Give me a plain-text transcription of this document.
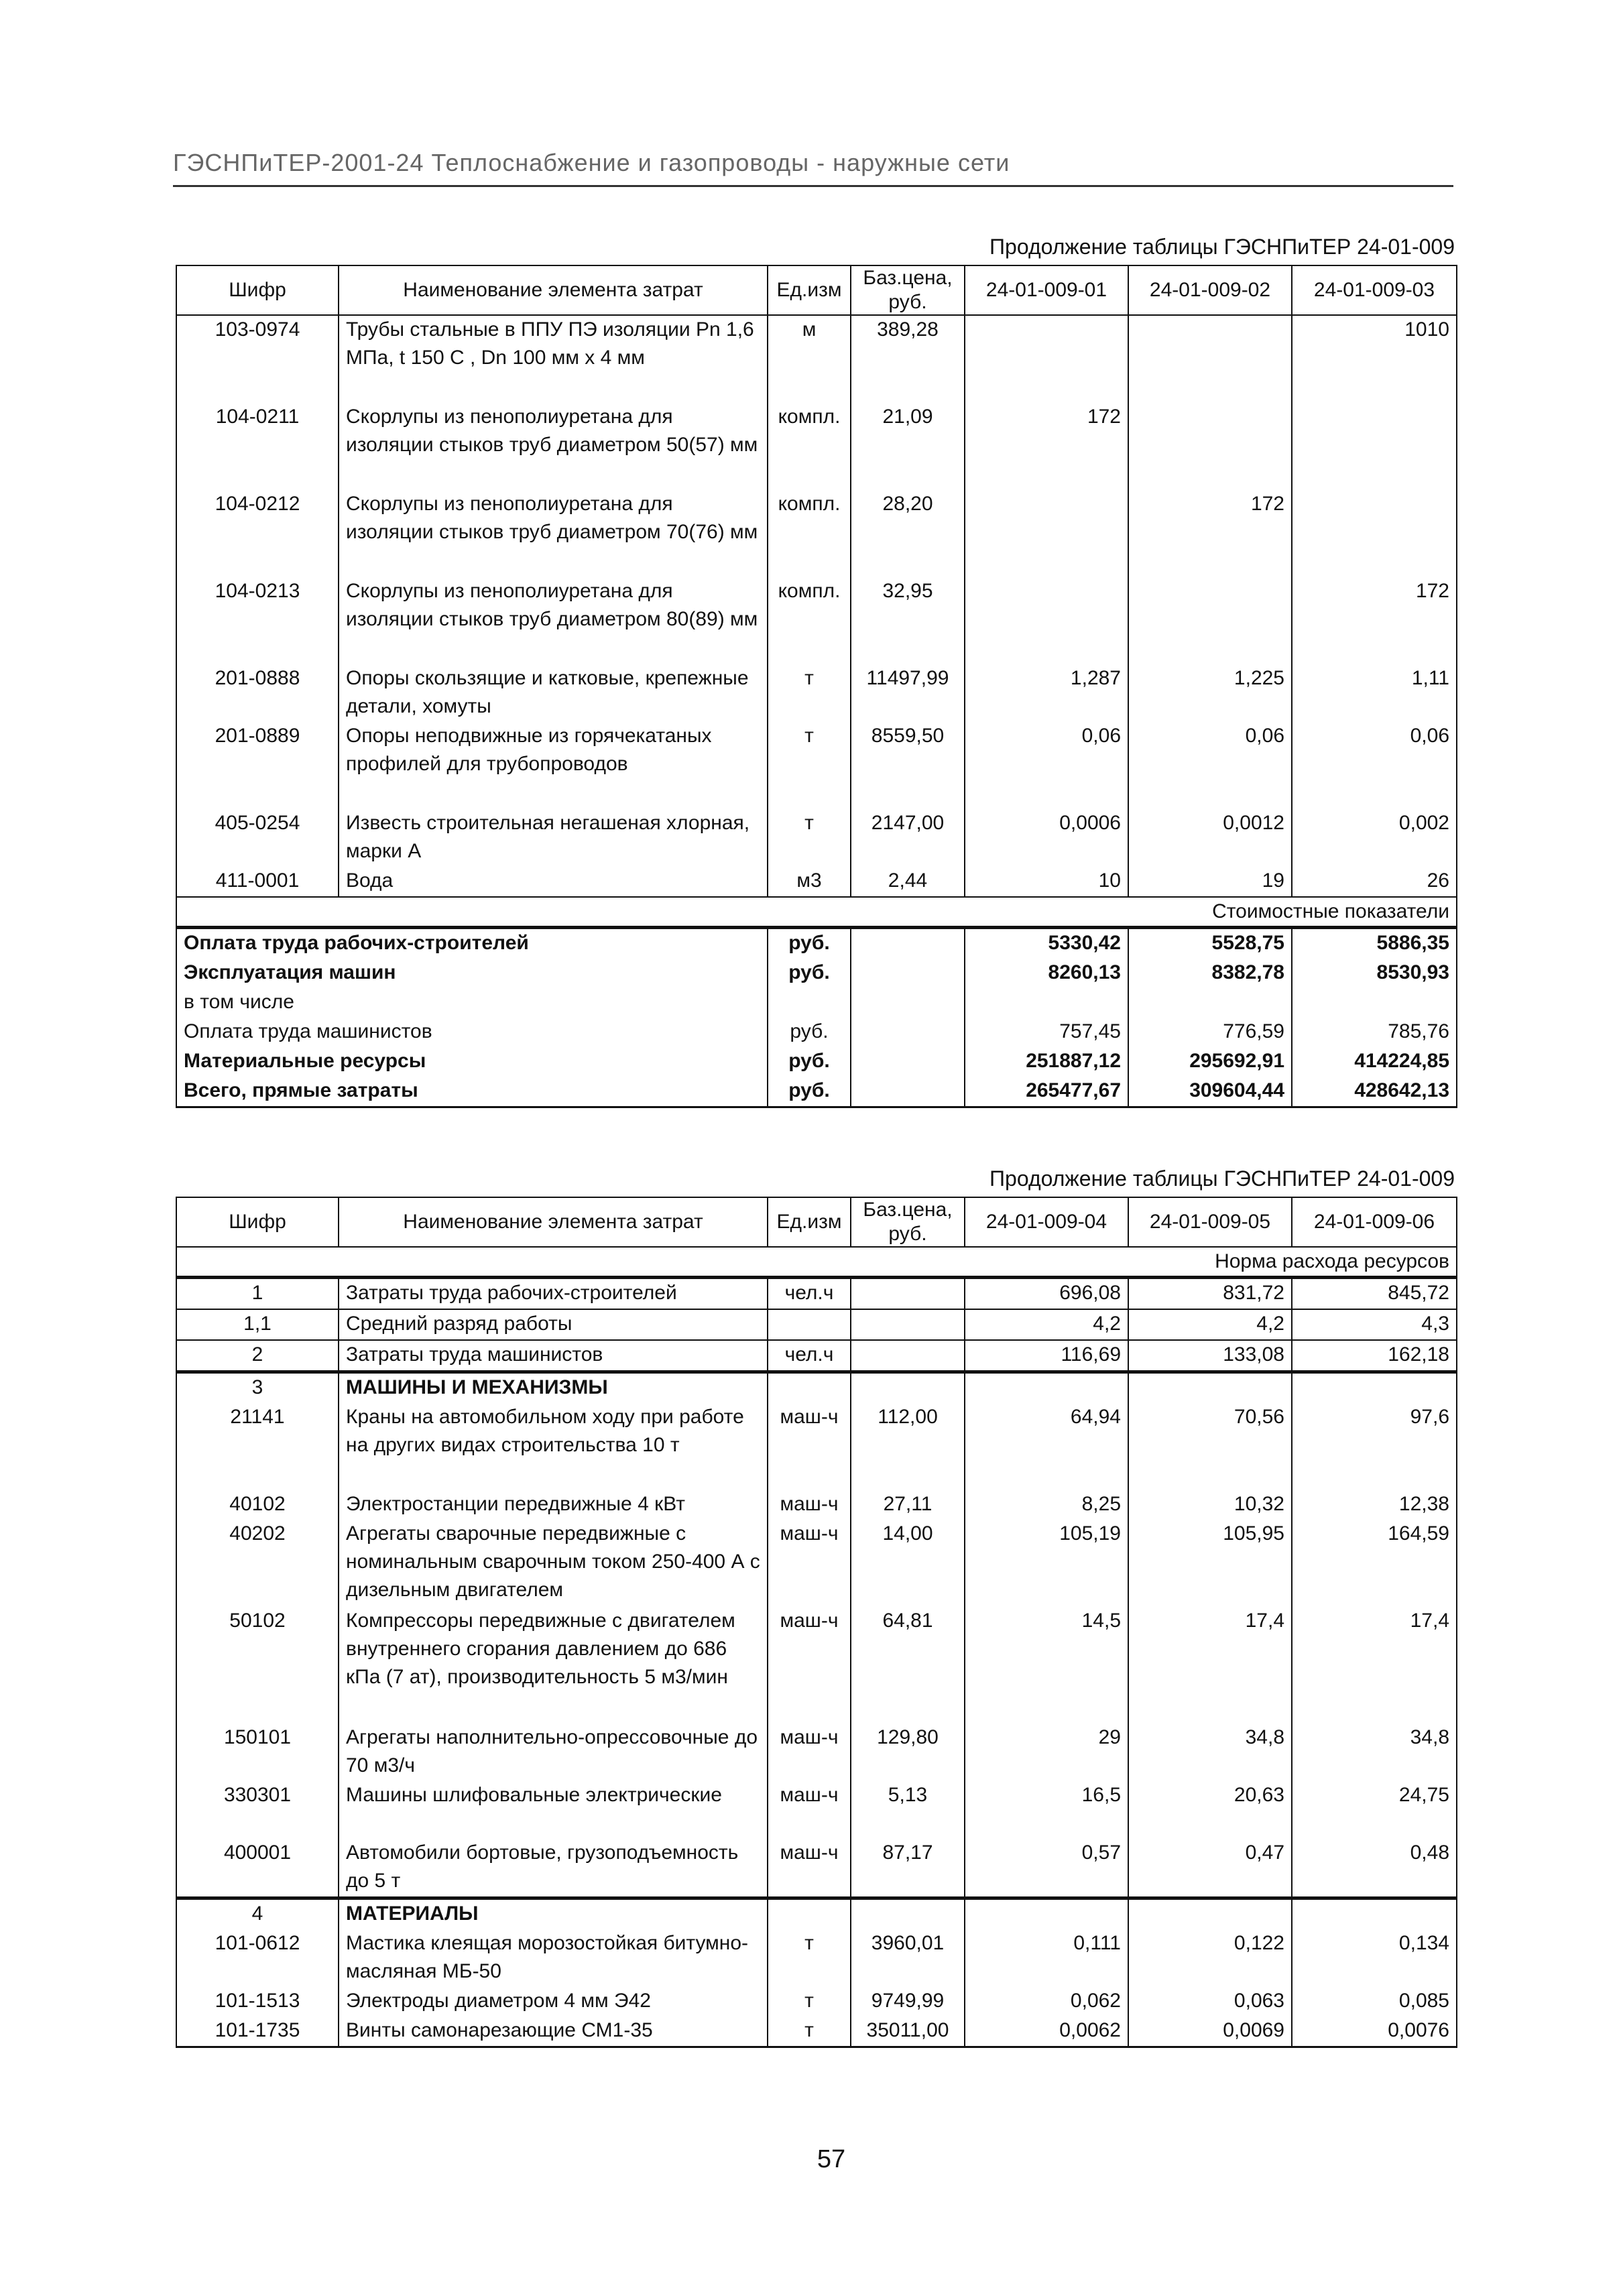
ГЭСНПиТЕР-2001-24 Теплоснабжение и газопроводы - наружные сети
Продолжение таблицы ГЭСНПиТЕР 24-01-009
Шифр	Наименование элемента затрат	Ед.изм	Баз.цена, руб.	24-01-009-01	24-01-009-02	24-01-009-03
103-0974	Трубы стальные в ППУ ПЭ изоляции Рn 1,6 МПа, t 150 С , Dn 100 мм х 4 мм	м	389,28			1010
104-0211	Скорлупы из пенополиуретана для изоляции стыков труб диаметром 50(57) мм	компл.	21,09	172		
104-0212	Скорлупы из пенополиуретана для изоляции стыков труб диаметром 70(76) мм	компл.	28,20		172	
104-0213	Скорлупы из пенополиуретана для изоляции стыков труб диаметром 80(89) мм	компл.	32,95			172
201-0888	Опоры скользящие и катковые, крепежные детали, хомуты	т	11497,99	1,287	1,225	1,11
201-0889	Опоры неподвижные из горячекатаных профилей для трубопроводов	т	8559,50	0,06	0,06	0,06
405-0254	Известь строительная негашеная хлорная, марки А	т	2147,00	0,0006	0,0012	0,002
411-0001	Вода	м3	2,44	10	19	26
Стоимостные показатели						
Оплата труда рабочих-строителей		руб.		5330,42	5528,75	5886,35
Эксплуатация машин		руб.		8260,13	8382,78	8530,93
в том числе						
Оплата труда машинистов		руб.		757,45	776,59	785,76
Материальные ресурсы		руб.		251887,12	295692,91	414224,85
Всего, прямые затраты		руб.		265477,67	309604,44	428642,13
Продолжение таблицы ГЭСНПиТЕР 24-01-009
Шифр	Наименование элемента затрат	Ед.изм	Баз.цена, руб.	24-01-009-04	24-01-009-05	24-01-009-06
Норма расхода ресурсов						
1	Затраты труда рабочих-строителей	чел.ч		696,08	831,72	845,72
1,1	Средний разряд работы			4,2	4,2	4,3
2	Затраты труда машинистов	чел.ч		116,69	133,08	162,18
3	МАШИНЫ И МЕХАНИЗМЫ					
21141	Краны на автомобильном ходу при работе на других видах строительства 10 т	маш-ч	112,00	64,94	70,56	97,6
40102	Электростанции передвижные 4 кВт	маш-ч	27,11	8,25	10,32	12,38
40202	Агрегаты сварочные передвижные с номинальным сварочным током 250-400 А с дизельным двигателем	маш-ч	14,00	105,19	105,95	164,59
50102	Компрессоры передвижные с двигателем внутреннего сгорания давлением до 686 кПа (7 ат), производительность 5 м3/мин	маш-ч	64,81	14,5	17,4	17,4
150101	Агрегаты наполнительно-опрессовочные до 70 м3/ч	маш-ч	129,80	29	34,8	34,8
330301	Машины шлифовальные электрические	маш-ч	5,13	16,5	20,63	24,75
400001	Автомобили бортовые, грузоподъемность до 5 т	маш-ч	87,17	0,57	0,47	0,48
4	МАТЕРИАЛЫ					
101-0612	Мастика клеящая морозостойкая битумно-масляная МБ-50	т	3960,01	0,111	0,122	0,134
101-1513	Электроды диаметром 4 мм Э42	т	9749,99	0,062	0,063	0,085
101-1735	Винты самонарезающие СМ1-35	т	35011,00	0,0062	0,0069	0,0076
57
